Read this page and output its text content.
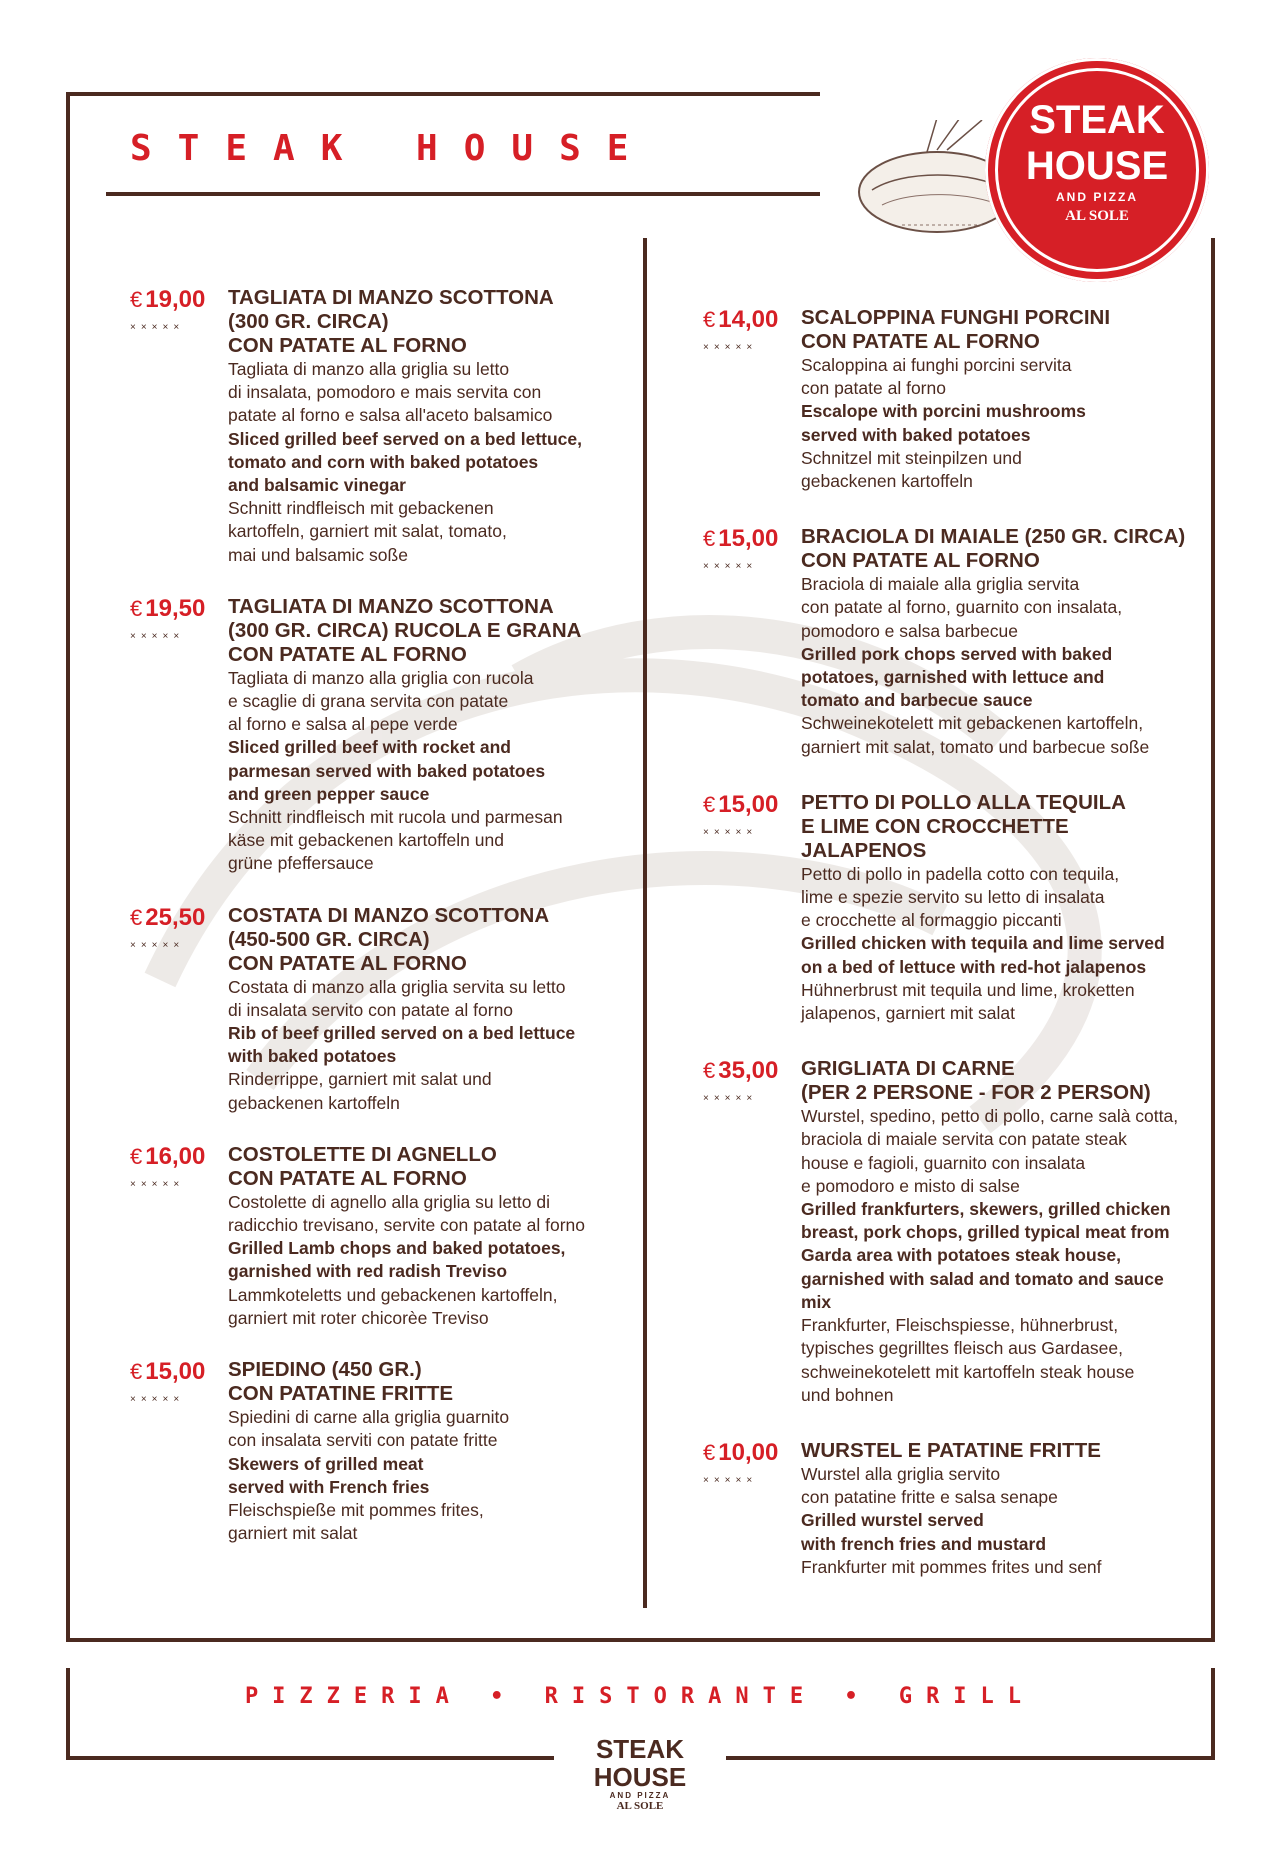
STEAK HOUSE
STEAK
HOUSE
AND PIZZA
AL SOLE
€ 19,00
×××××
TAGLIATA DI MANZO SCOTTONA
(300 GR. CIRCA)
CON PATATE AL FORNO
Tagliata di manzo alla griglia su letto
di insalata, pomodoro e mais servita con
patate al forno e salsa all'aceto balsamico
Sliced grilled beef served on a bed lettuce,
tomato and corn with baked potatoes
and balsamic vinegar
Schnitt rindfleisch mit gebackenen
kartoffeln, garniert mit salat, tomato,
mai und balsamic soße
€ 19,50
×××××
TAGLIATA DI MANZO SCOTTONA
(300 GR. CIRCA) RUCOLA E GRANA
CON PATATE AL FORNO
Tagliata di manzo alla griglia con rucola
e scaglie di grana servita con patate
al forno e salsa al pepe verde
Sliced grilled beef with rocket and
parmesan served with baked potatoes
and green pepper sauce
Schnitt rindfleisch mit rucola und parmesan
käse mit gebackenen kartoffeln und
grüne pfeffersauce
€ 25,50
×××××
COSTATA DI MANZO SCOTTONA
(450-500 GR. CIRCA)
CON PATATE AL FORNO
Costata di manzo alla griglia servita su letto
di insalata servito con patate al forno
Rib of beef grilled served on a bed lettuce
with baked potatoes
Rinderrippe, garniert mit salat und
gebackenen kartoffeln
€ 16,00
×××××
COSTOLETTE DI AGNELLO
CON PATATE AL FORNO
Costolette di agnello alla griglia su letto di
radicchio trevisano, servite con patate al forno
Grilled Lamb chops and baked potatoes,
garnished with red radish Treviso
Lammkoteletts und gebackenen kartoffeln,
garniert mit roter chicorèe Treviso
€ 15,00
×××××
SPIEDINO (450 GR.)
CON PATATINE FRITTE
Spiedini di carne alla griglia guarnito
con insalata serviti con patate fritte
Skewers of grilled meat
served with French fries
Fleischspieße mit pommes frites,
garniert mit salat
€ 14,00
×××××
SCALOPPINA FUNGHI PORCINI
CON PATATE AL FORNO
Scaloppina ai funghi porcini servita
con patate al forno
Escalope with porcini mushrooms
served with baked potatoes
Schnitzel mit steinpilzen und
gebackenen kartoffeln
€ 15,00
×××××
BRACIOLA DI MAIALE (250 GR. CIRCA)
CON PATATE AL FORNO
Braciola di maiale alla griglia servita
con patate al forno, guarnito con insalata,
pomodoro e salsa barbecue
Grilled pork chops served with baked
potatoes, garnished with lettuce and
tomato and barbecue sauce
Schweinekotelett mit gebackenen kartoffeln,
garniert mit salat, tomato und barbecue soße
€ 15,00
×××××
PETTO DI POLLO ALLA TEQUILA
E LIME CON CROCCHETTE JALAPENOS
Petto di pollo in padella cotto con tequila,
lime e spezie servito su letto di insalata
e crocchette al formaggio piccanti
Grilled chicken with tequila and lime served
on a bed of lettuce with red-hot jalapenos
Hühnerbrust mit tequila und lime, kroketten
jalapenos, garniert mit salat
€ 35,00
×××××
GRIGLIATA DI CARNE
(PER 2 PERSONE - FOR 2 PERSON)
Wurstel, spedino, petto di pollo, carne salà cotta,
braciola di maiale servita con patate steak
house e fagioli, guarnito con insalata
e pomodoro e misto di salse
Grilled frankfurters, skewers, grilled chicken
breast, pork chops, grilled typical meat from
Garda area with potatoes steak house,
garnished with salad and tomato and sauce mix
Frankfurter, Fleischspiesse, hühnerbrust,
typisches gegrilltes fleisch aus Gardasee,
schweinekotelett mit kartoffeln steak house
und bohnen
€ 10,00
×××××
WURSTEL E PATATINE FRITTE
Wurstel alla griglia servito
con patatine fritte e salsa senape
Grilled wurstel served
with french fries and mustard
Frankfurter mit pommes frites und senf
PIZZERIA • RISTORANTE • GRILL
STEAK
HOUSE
AND PIZZA
AL SOLE
